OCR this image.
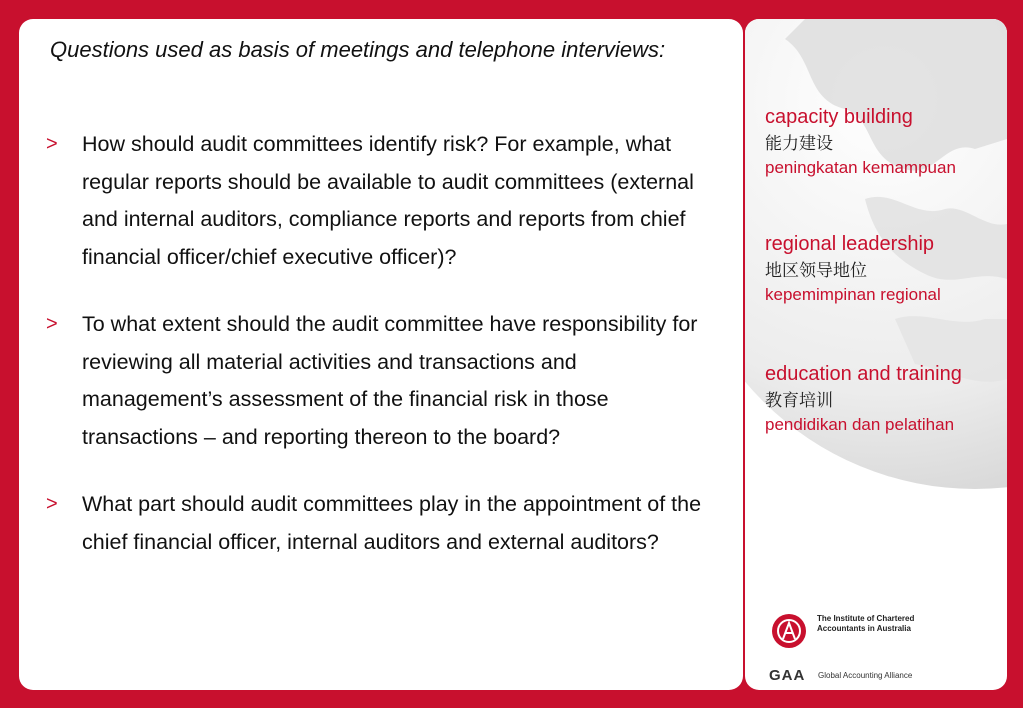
Questions used as basis of meetings and telephone interviews:
> How should audit committees identify risk? For example, what regular reports should be available to audit committees (external and internal auditors, compliance reports and reports from chief financial officer/chief executive officer)?
> To what extent should the audit committee have responsibility for reviewing all material activities and transactions and management’s assessment of the financial risk in those transactions – and reporting thereon to the board?
> What part should audit committees play in the appointment of the chief financial officer, internal auditors and external auditors?
capacity building
能力建设
peningkatan kemampuan
regional leadership
地区领导地位
kepemimpinan regional
education and training
教育培训
pendidikan dan pelatihan
The Institute of Chartered Accountants in Australia
GAA Global Accounting Alliance
